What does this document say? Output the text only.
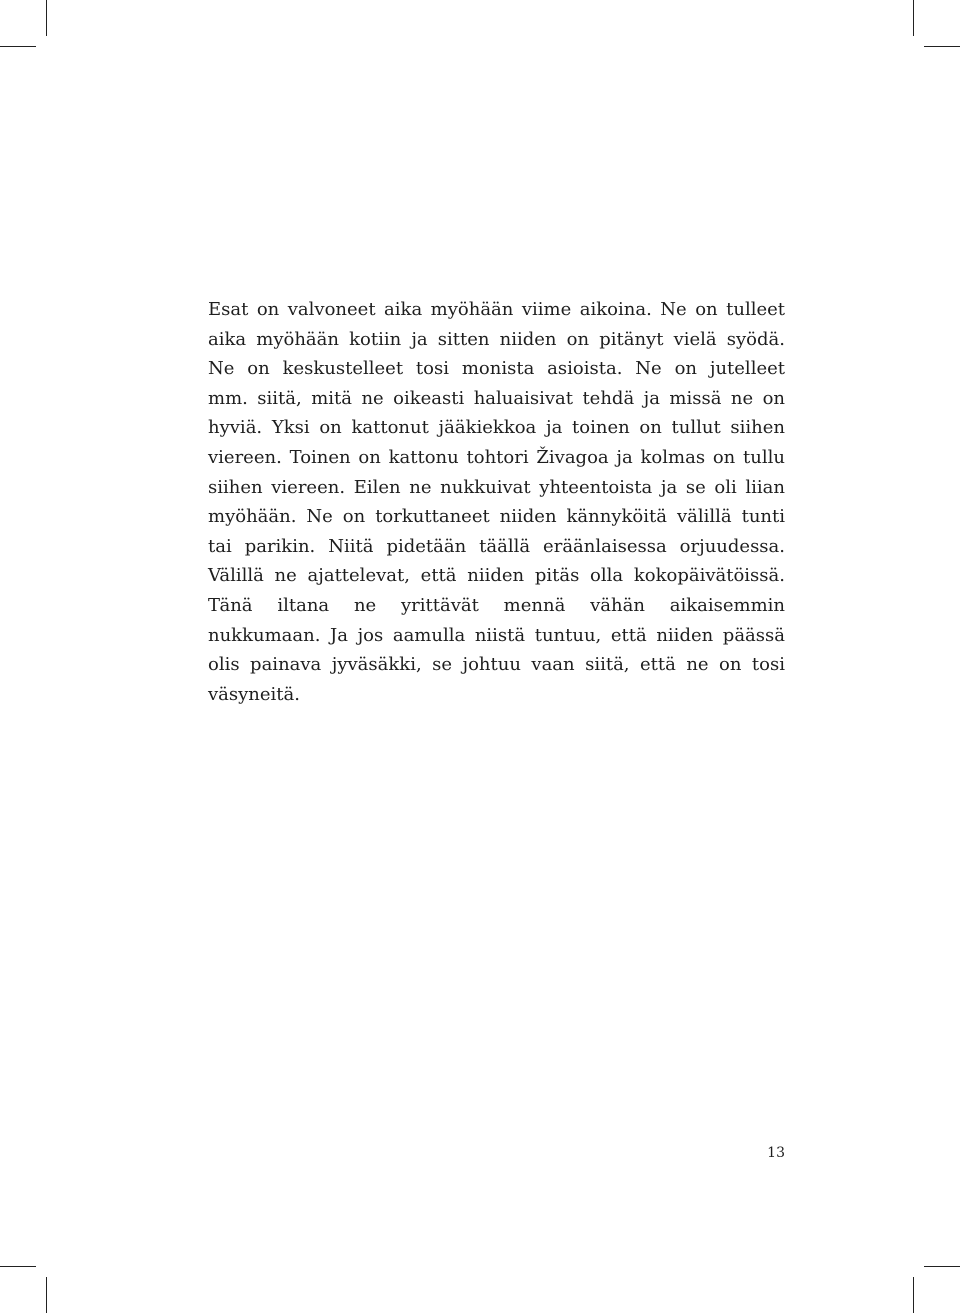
Esat on valvoneet aika myöhään viime aikoina. Ne on tulleet
aika myöhään kotiin ja sitten niiden on pitänyt vielä syödä.
Ne on keskustelleet tosi monista asioista. Ne on jutelleet
mm. siitä, mitä ne oikeasti haluaisivat tehdä ja missä ne on
hyviä. Yksi on kattonut jääkiekkoa ja toinen on tullut siihen
viereen. Toinen on kattonu tohtori Živagoa ja kolmas on tullu
siihen viereen. Eilen ne nukkuivat yhteentoista ja se oli liian
myöhään. Ne on torkuttaneet niiden kännyköitä välillä tunti
tai parikin. Niitä pidetään täällä eräänlaisessa orjuudessa.
Välillä ne ajattelevat, että niiden pitäs olla kokopäivätöissä.
Tänä iltana ne yrittävät mennä vähän aikaisemmin
nukkumaan. Ja jos aamulla niistä tuntuu, että niiden päässä
olis painava jyväsäkki, se johtuu vaan siitä, että ne on tosi
väsyneitä.

13
